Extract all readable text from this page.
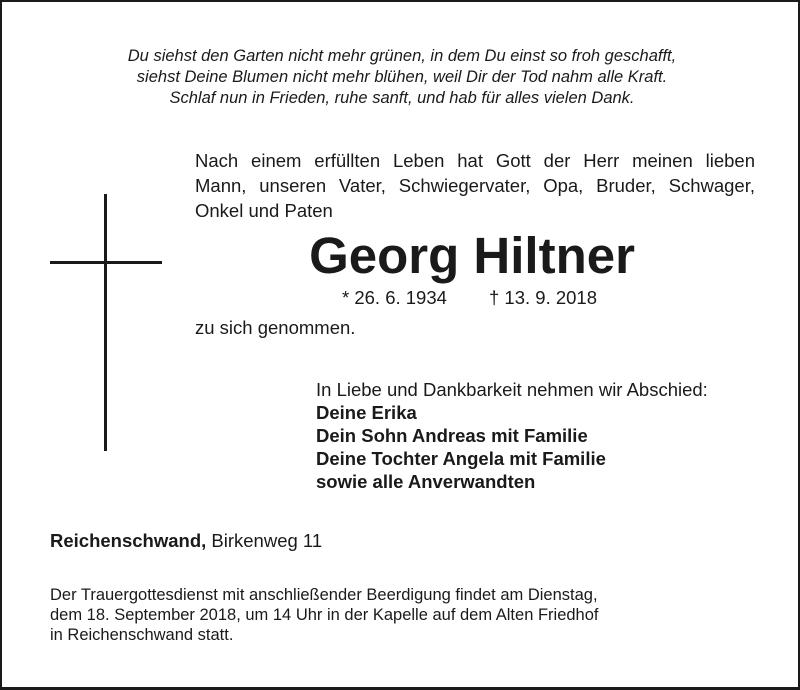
Du siehst den Garten nicht mehr grünen, in dem Du einst so froh geschafft,
siehst Deine Blumen nicht mehr blühen, weil Dir der Tod nahm alle Kraft.
Schlaf nun in Frieden, ruhe sanft, und hab für alles vielen Dank.
Nach einem erfüllten Leben hat Gott der Herr meinen lieben
Mann, unseren Vater, Schwiegervater, Opa, Bruder, Schwager,
Onkel und Paten
Georg Hiltner
* 26. 6. 1934 † 13. 9. 2018
zu sich genommen.
In Liebe und Dankbarkeit nehmen wir Abschied:
Deine Erika
Dein Sohn Andreas mit Familie
Deine Tochter Angela mit Familie
sowie alle Anverwandten
Reichenschwand, Birkenweg 11
Der Trauergottesdienst mit anschließender Beerdigung findet am Dienstag,
dem 18. September 2018, um 14 Uhr in der Kapelle auf dem Alten Friedhof
in Reichenschwand statt.
